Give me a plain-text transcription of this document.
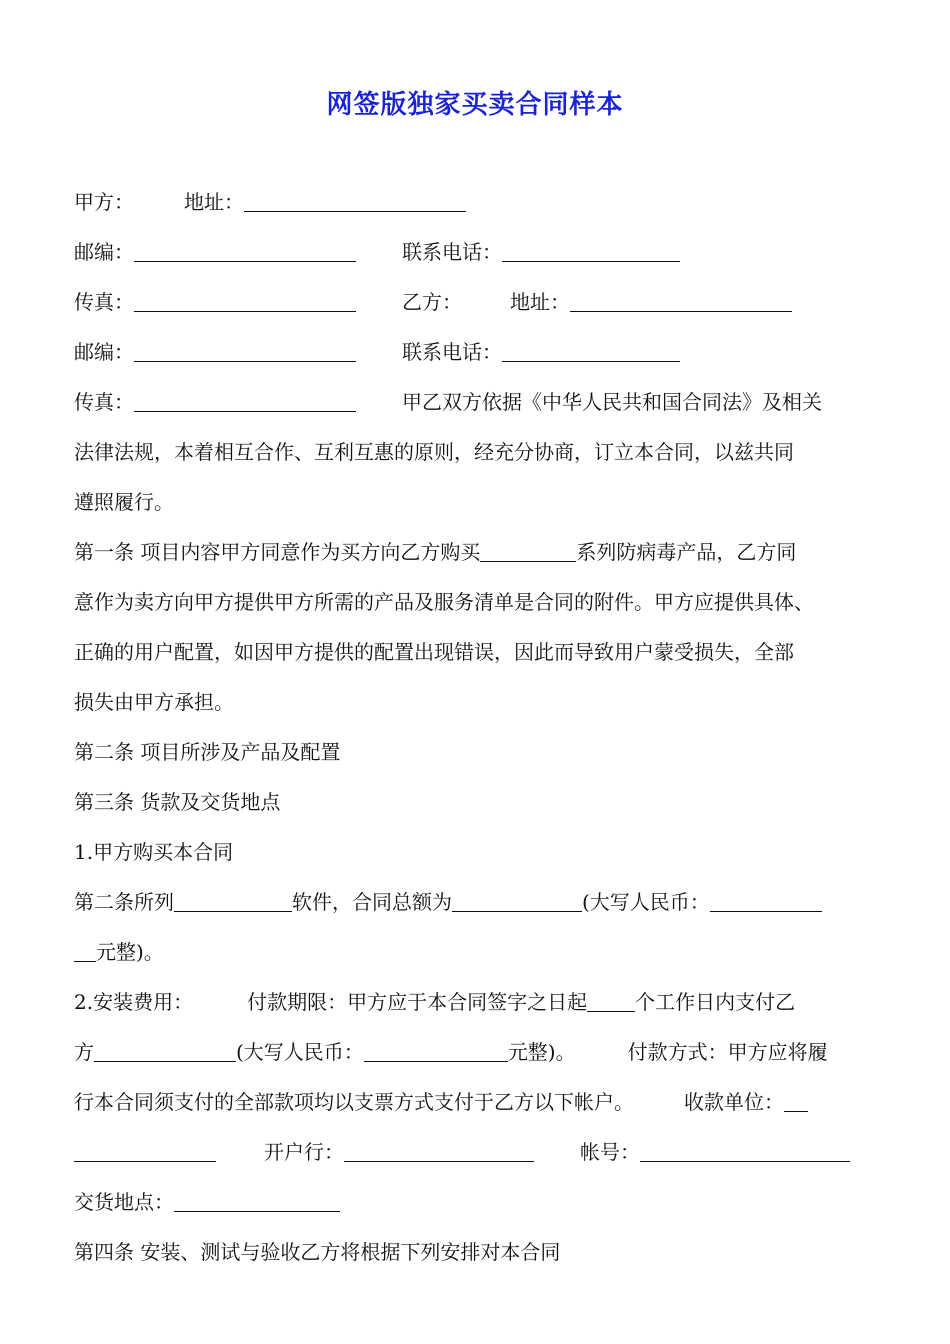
网签版独家买卖合同样本
甲方：	地址：
邮编：	联系电话：
传真：	乙方： 地址：
邮编：	联系电话：
传真：	甲乙双方依据《中华人民共和国合同法》及相关
法律法规，本着相互合作、互利互惠的原则，经充分协商，订立本合同，以兹共同
遵照履行。
第一条 项目内容甲方同意作为买方向乙方购买	系列防病毒产品，乙方同
意作为卖方向甲方提供甲方所需的产品及服务清单是合同的附件。甲方应提供具体、
正确的用户配置，如因甲方提供的配置出现错误，因此而导致用户蒙受损失，全部
损失由甲方承担。
第二条 项目所涉及产品及配置
第三条 货款及交货地点
1.甲方购买本合同
第二条所列	软件，合同总额为	(大写人民币：
元整)。
2.安装费用：	付款期限：甲方应于本合同签字之日起 个工作日内支付乙
方	(大写人民币：	元整)。	付款方式：甲方应将履
行本合同须支付的全部款项均以支票方式支付于乙方以下帐户。	收款单位：
开户行：	帐号：
交货地点：
第四条 安装、测试与验收乙方将根据下列安排对本合同
